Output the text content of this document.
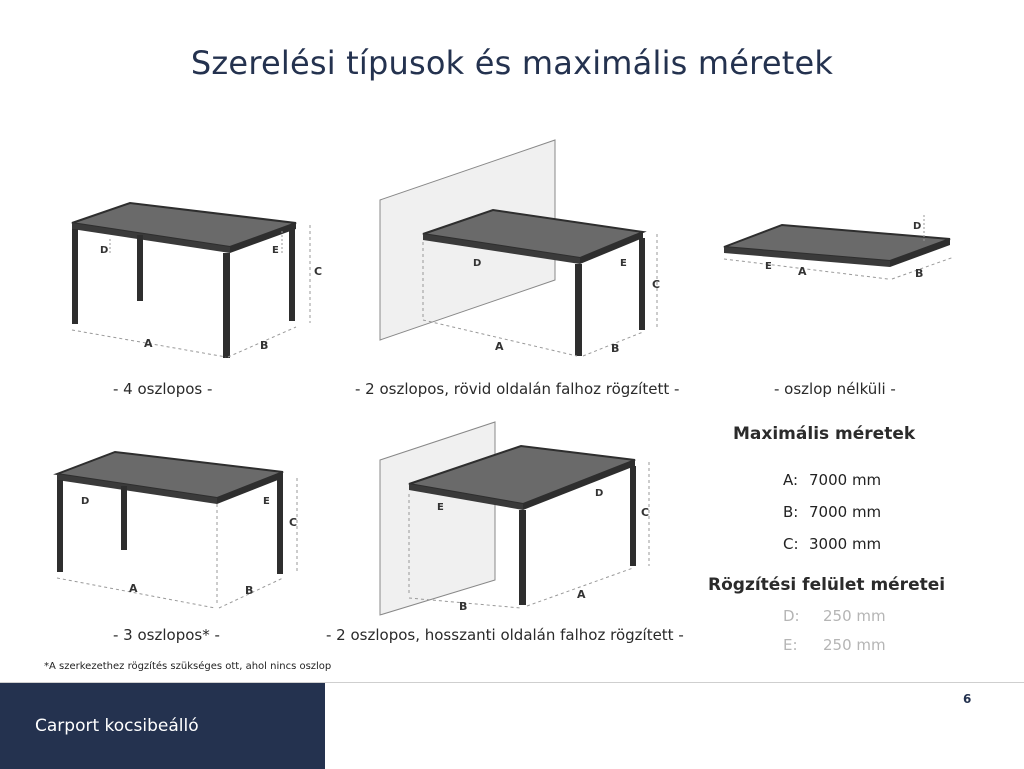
Szerelési típusok és maximális méretek
A	B
C
D	E
- 4 oszlopos -
A	B
C
D	E
- 2 oszlopos, rövid oldalán falhoz rögzített -
A	B
D
E
- oszlop nélküli -
A	B
C
D	E
- 3 oszlopos* -
B
A
C
D
E
- 2 oszlopos, hosszanti oldalán falhoz rögzített -
Maximális méretek
A: 7000 mm
B: 7000 mm
C: 3000 mm
Rögzítési felület méretei
D: 250 mm
E: 250 mm
*A szerkezethez rögzítés szükséges ott, ahol nincs oszlop
Carport kocsibeálló
6
